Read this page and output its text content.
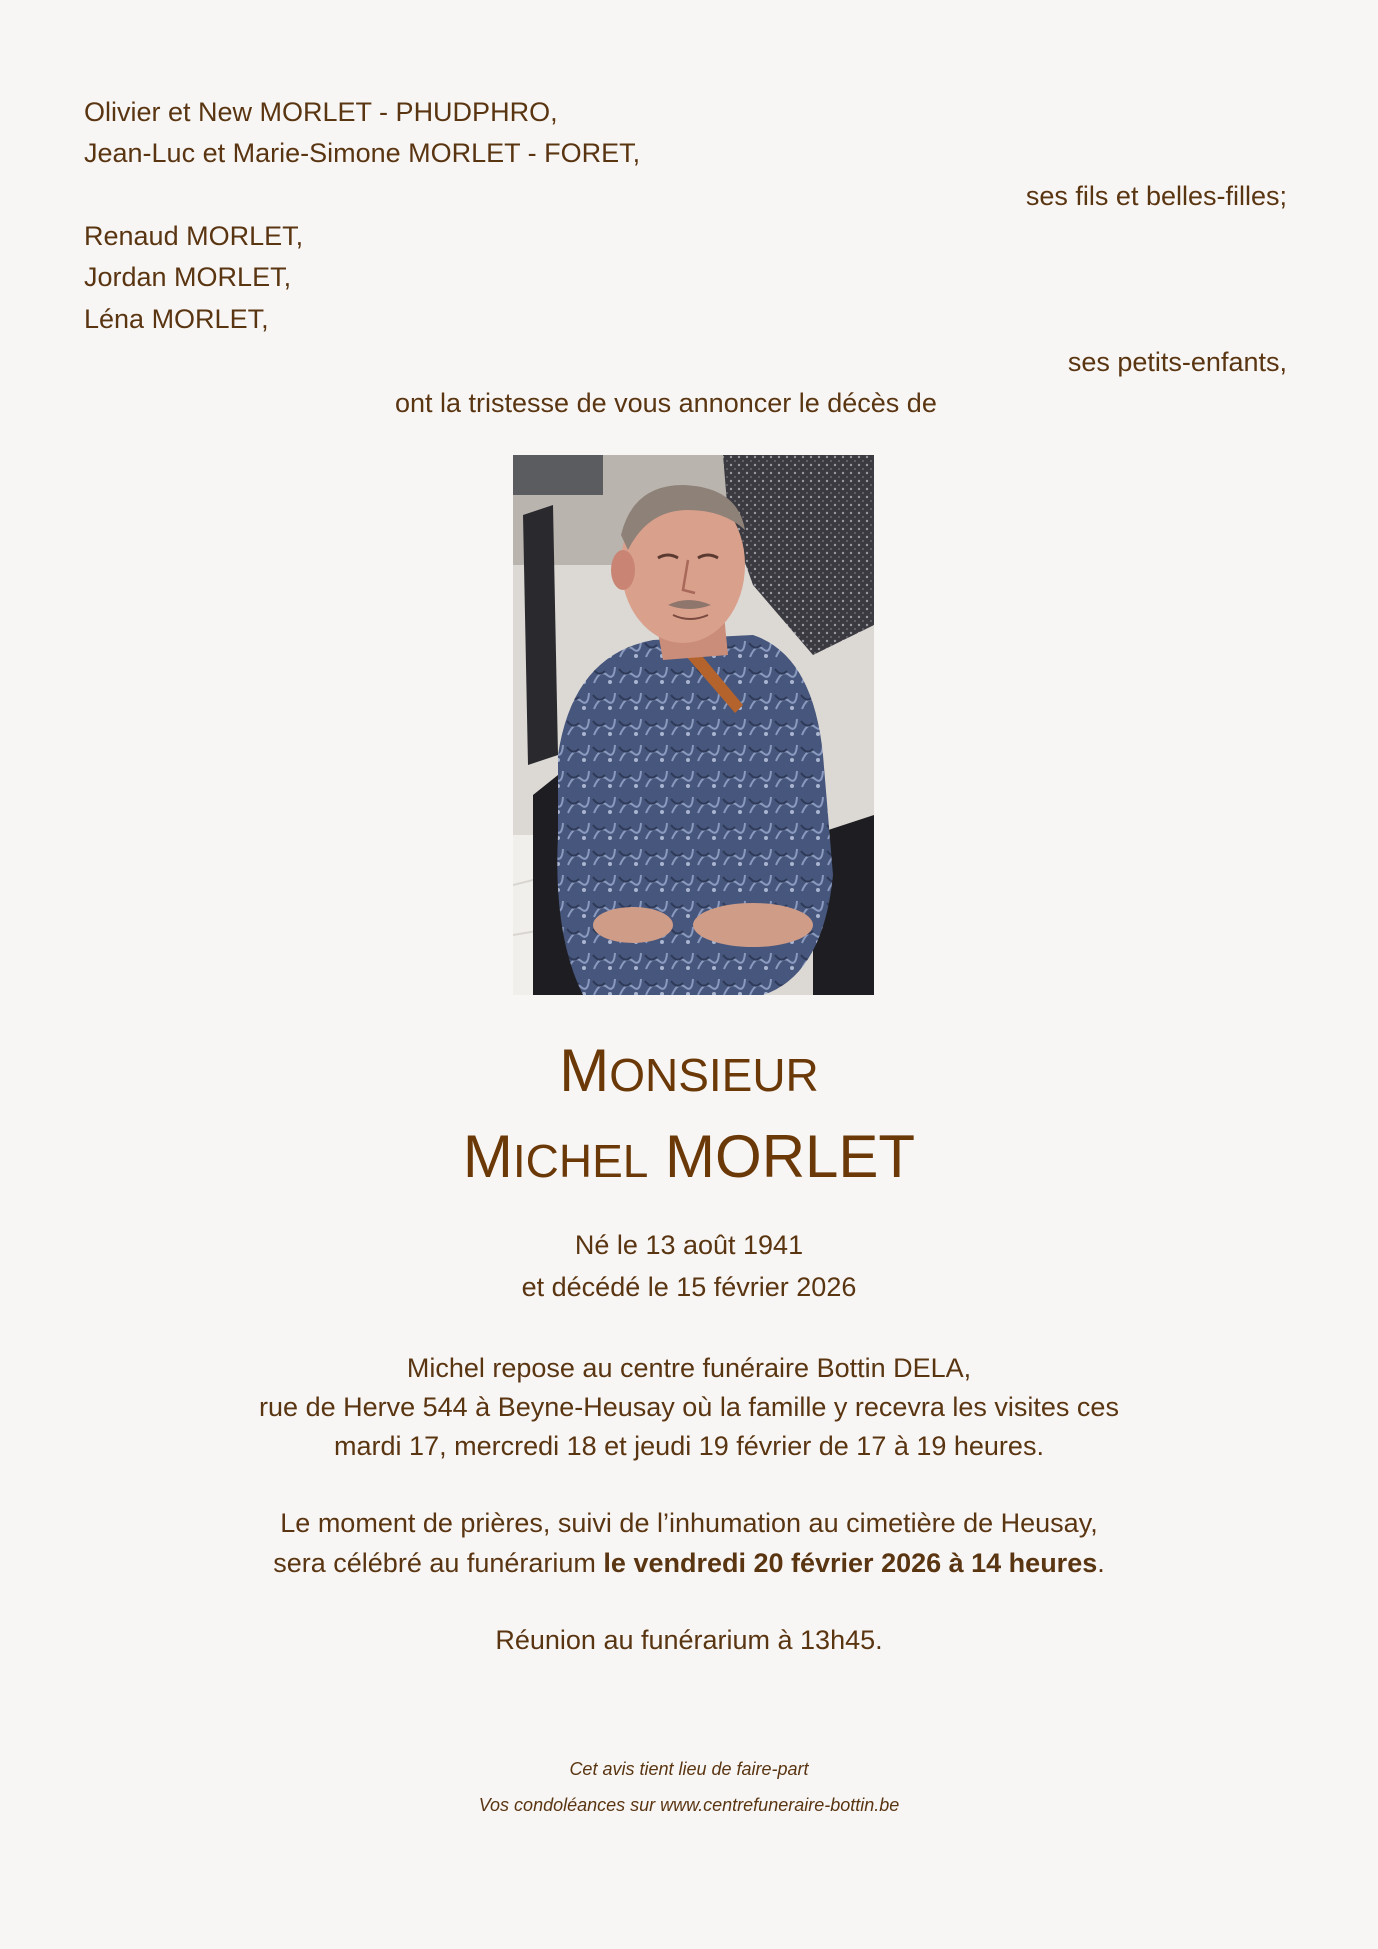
Olivier et New MORLET - PHUDPHRO,
Jean-Luc et Marie-Simone MORLET - FORET,
ses fils et belles-filles;
Renaud MORLET,
Jordan MORLET,
Léna MORLET,
ses petits-enfants,
ont la tristesse de vous annoncer le décès de
MONSIEUR
MICHEL MORLET
Né le 13 août 1941
et décédé le 15 février 2026
Michel repose au centre funéraire Bottin DELA,
rue de Herve 544 à Beyne-Heusay où la famille y recevra les visites ces
mardi 17, mercredi 18 et jeudi 19 février de 17 à 19 heures.
Le moment de prières, suivi de l’inhumation au cimetière de Heusay,
sera célébré au funérarium le vendredi 20 février 2026 à 14 heures.
Réunion au funérarium à 13h45.
Cet avis tient lieu de faire-part
Vos condoléances sur www.centrefuneraire-bottin.be
